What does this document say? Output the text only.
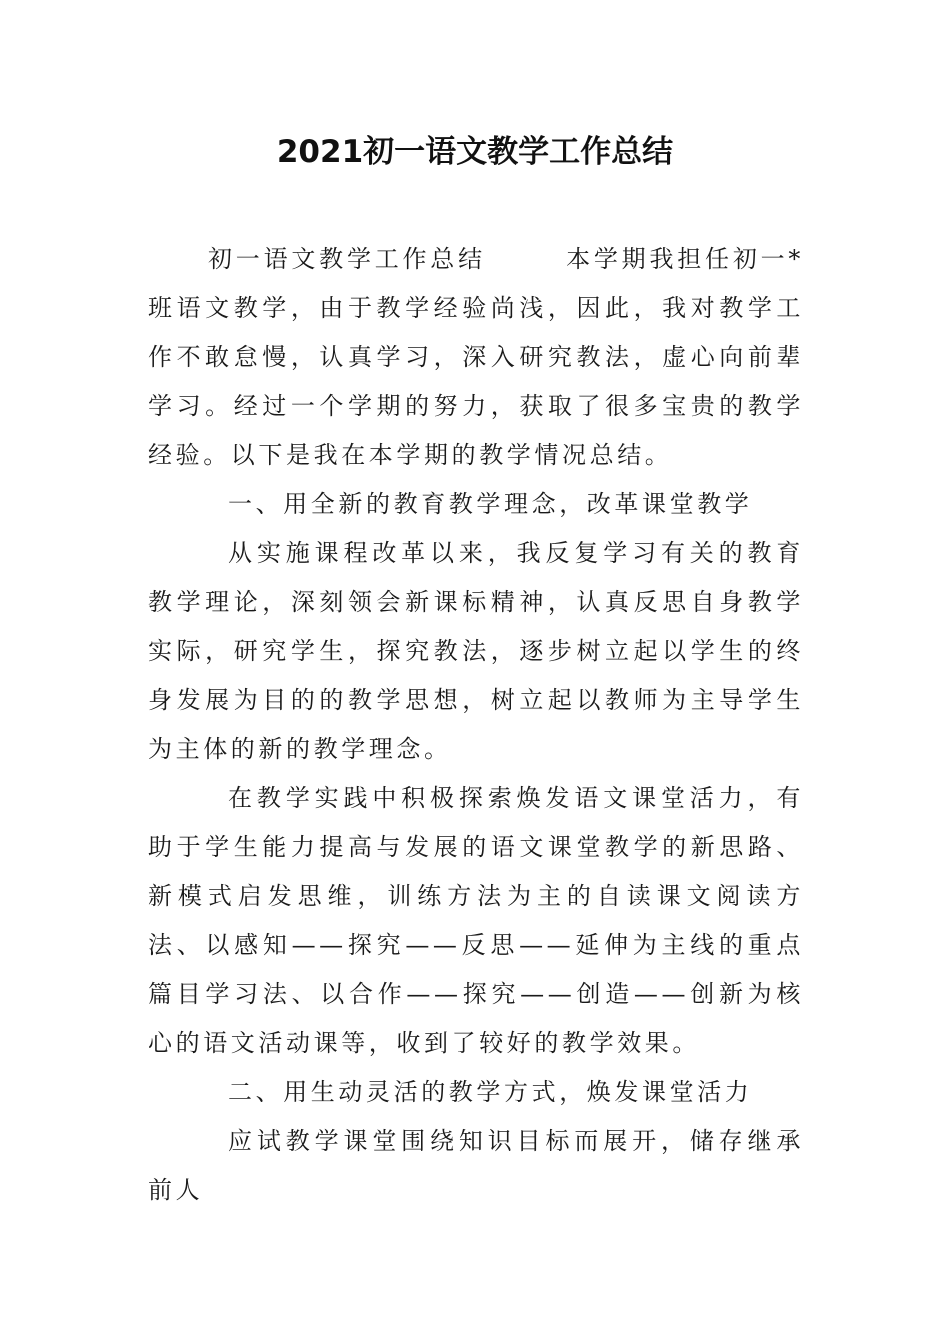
2021初一语文教学工作总结

初一语文教学工作总结	本学期我担任初一*班语文教学，由于教学经验尚浅，因此，我对教学工作不敢怠慢，认真学习，深入研究教法，虚心向前辈学习。经过一个学期的努力，获取了很多宝贵的教学经验。以下是我在本学期的教学情况总结。

一、用全新的教育教学理念，改革课堂教学

从实施课程改革以来，我反复学习有关的教育教学理论，深刻领会新课标精神，认真反思自身教学实际，研究学生，探究教法，逐步树立起以学生的终身发展为目的的教学思想，树立起以教师为主导学生为主体的新的教学理念。

在教学实践中积极探索焕发语文课堂活力，有助于学生能力提高与发展的语文课堂教学的新思路、新模式启发思维，训练方法为主的自读课文阅读方法、以感知——探究——反思——延伸为主线的重点篇目学习法、以合作——探究——创造——创新为核心的语文活动课等，收到了较好的教学效果。

二、用生动灵活的教学方式，焕发课堂活力

应试教学课堂围绕知识目标而展开，储存继承前人
